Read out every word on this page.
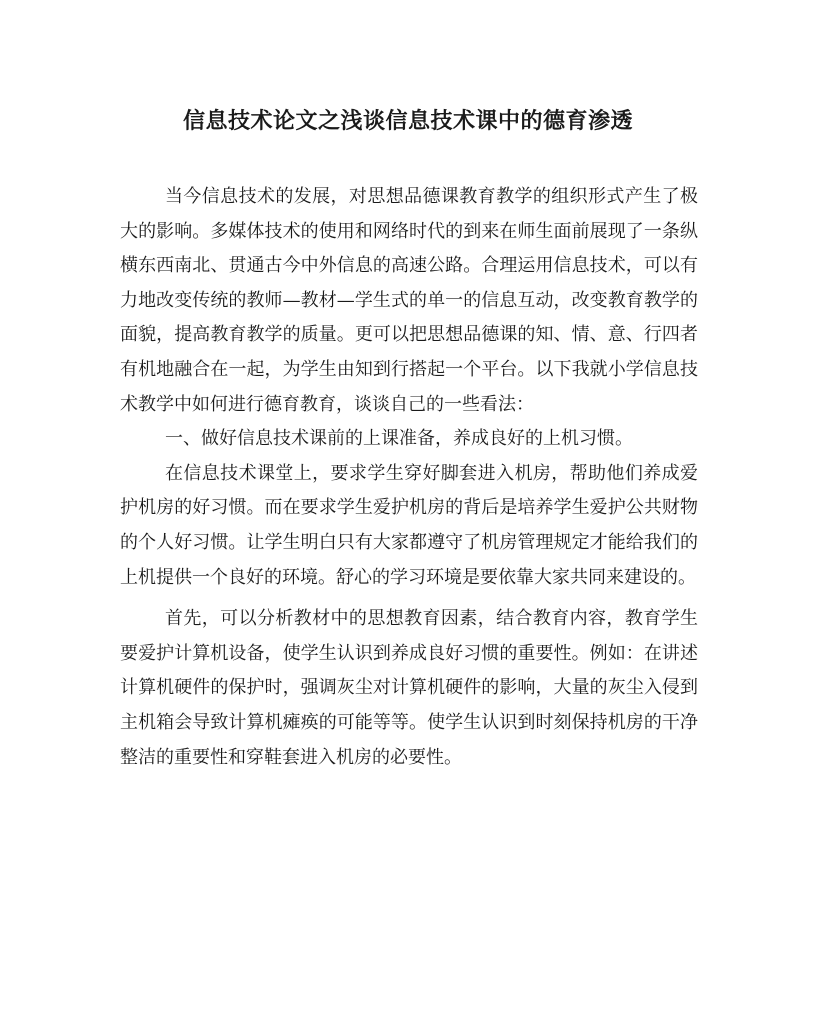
信息技术论文之浅谈信息技术课中的德育渗透

当今信息技术的发展，对思想品德课教育教学的组织形式产生了极大的影响。多媒体技术的使用和网络时代的到来在师生面前展现了一条纵横东西南北、贯通古今中外信息的高速公路。合理运用信息技术，可以有力地改变传统的教师—教材—学生式的单一的信息互动，改变教育教学的面貌，提高教育教学的质量。更可以把思想品德课的知、情、意、行四者有机地融合在一起，为学生由知到行搭起一个平台。以下我就小学信息技术教学中如何进行德育教育，谈谈自己的一些看法：

一、做好信息技术课前的上课准备，养成良好的上机习惯。

在信息技术课堂上，要求学生穿好脚套进入机房，帮助他们养成爱护机房的好习惯。而在要求学生爱护机房的背后是培养学生爱护公共财物的个人好习惯。让学生明白只有大家都遵守了机房管理规定才能给我们的上机提供一个良好的环境。舒心的学习环境是要依靠大家共同来建设的。

首先，可以分析教材中的思想教育因素，结合教育内容，教育学生要爱护计算机设备，使学生认识到养成良好习惯的重要性。例如：在讲述计算机硬件的保护时，强调灰尘对计算机硬件的影响，大量的灰尘入侵到主机箱会导致计算机瘫痪的可能等等。使学生认识到时刻保持机房的干净整洁的重要性和穿鞋套进入机房的必要性。
